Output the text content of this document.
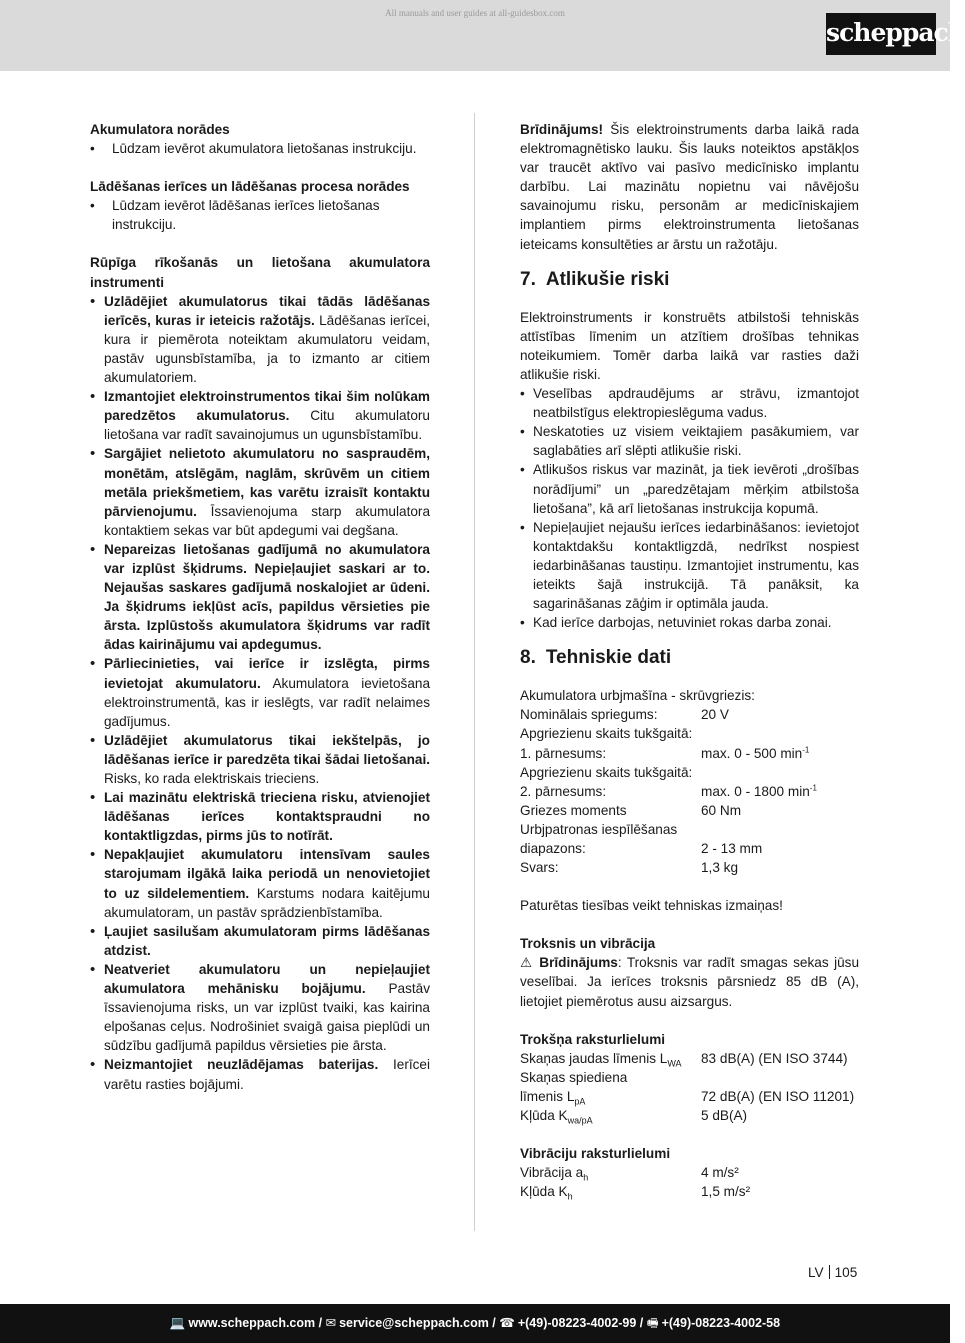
All manuals and user guides at all-guidesbox.com
scheppach
Akumulatora norādes
• Lūdzam ievērot akumulatora lietošanas instrukciju.
Lādēšanas ierīces un lādēšanas procesa norādes
• Lūdzam ievērot lādēšanas ierīces lietošanas instrukciju.
Rūpīga rīkošanās un lietošana akumulatora instrumenti
• Uzlādējiet akumulatorus tikai tādās lādēšanas ierīcēs, kuras ir ieteicis ražotājs. Lādēšanas ierīcei, kura ir piemērota noteiktam akumulatoru veidam, pastāv ugunsbīstamība, ja to izmanto ar citiem akumulatoriem.
• Izmantojiet elektroinstrumentos tikai šim nolūkam paredzētos akumulatorus. Citu akumulatoru lietošana var radīt savainojumus un ugunsbīstamību.
• Sargājiet nelietoto akumulatoru no saspraudēm, monētām, atslēgām, naglām, skrūvēm un citiem metāla priekšmetiem, kas varētu izraisīt kontaktu pārvienojumu. Īssavienojuma starp akumulatora kontaktiem sekas var būt apdegumi vai degšana.
• Nepareizas lietošanas gadījumā no akumulatora var izplūst šķidrums. Nepieļaujiet saskari ar to. Nejaušas saskares gadījumā noskalojiet ar ūdeni. Ja šķidrums iekļūst acīs, papildus vērsieties pie ārsta. Izplūstošs akumulatora šķidrums var radīt ādas kairinājumu vai apdegumus.
• Pārliecinieties, vai ierīce ir izslēgta, pirms ievietojat akumulatoru. Akumulatora ievietošana elektroinstrumentā, kas ir ieslēgts, var radīt nelaimes gadījumus.
• Uzlādējiet akumulatorus tikai iekštelpās, jo lādēšanas ierīce ir paredzēta tikai šādai lietošanai. Risks, ko rada elektriskais trieciens.
• Lai mazinātu elektriskā trieciena risku, atvienojiet lādēšanas ierīces kontaktspraudni no kontaktligzdas, pirms jūs to notīrāt.
• Nepakļaujiet akumulatoru intensīvam saules starojumam ilgākā laika periodā un nenovietojiet to uz sildelementiem. Karstums nodara kaitējumu akumulatoram, un pastāv sprādzienbīstamība.
• Ļaujiet sasilušam akumulatoram pirms lādēšanas atdzist.
• Neatveriet akumulatoru un nepieļaujiet akumulatora mehānisku bojājumu. Pastāv īssavienojuma risks, un var izplūst tvaiki, kas kairina elpošanas ceļus. Nodrošiniet svaigā gaisa pieplūdi un sūdzību gadījumā papildus vērsieties pie ārsta.
• Neizmantojiet neuzlādējamas baterijas. Ierīcei varētu rasties bojājumi.
Brīdinājums! Šis elektroinstruments darba laikā rada elektromagnētisko lauku. Šis lauks noteiktos apstākļos var traucēt aktīvo vai pasīvo medicīnisko implantu darbību. Lai mazinātu nopietnu vai nāvējošu savainojumu risku, personām ar medicīniskajiem implantiem pirms elektroinstrumenta lietošanas ieteicams konsultēties ar ārstu un ražotāju.
7. Atlikušie riski
Elektroinstruments ir konstruēts atbilstoši tehniskās attīstības līmenim un atzītiem drošības tehnikas noteikumiem. Tomēr darba laikā var rasties daži atlikušie riski.
• Veselības apdraudējums ar strāvu, izmantojot neatbilstīgus elektropieslēguma vadus.
• Neskatoties uz visiem veiktajiem pasākumiem, var saglabāties arī slēpti atlikušie riski.
• Atlikušos riskus var mazināt, ja tiek ievēroti „drošības norādījumi” un „paredzētajam mērķim atbilstoša lietošana”, kā arī lietošanas instrukcija kopumā.
• Nepieļaujiet nejaušu ierīces iedarbināšanos: ievietojot kontaktdakšu kontaktligzdā, nedrīkst nospiest iedarbināšanas taustiņu. Izmantojiet instrumentu, kas ieteikts šajā instrukcijā. Tā panāksit, ka sagarināšanas zāģim ir optimāla jauda.
• Kad ierīce darbojas, netuviniet rokas darba zonai.
8. Tehniskie dati
Akumulatora urbjmašīna - skrūvgriezis:
Nominālais spriegums:	20 V
Apgriezienu skaits tukšgaitā:
1. pārnesums:	max. 0 - 500 $\min^{-1}$
Apgriezienu skaits tukšgaitā:
2. pārnesums:	max. 0 - 1800 $\min^{-1}$
Griezes moments	60 Nm
Urbjpatronas iespīlēšanas
diapazons:	2 - 13 mm
Svars:	1,3 kg
Paturētas tiesības veikt tehniskas izmaiņas!
Troksnis un vibrācija
⚠ Brīdinājums: Troksnis var radīt smagas sekas jūsu veselībai. Ja ierīces troksnis pārsniedz 85 dB (A), lietojiet piemērotus ausu aizsargus.
Trokšņa raksturlielumi
Skaņas jaudas līmenis $L_{WA}$	83 dB(A) (EN ISO 3744)
Skaņas spiediena
līmenis $L_{pA}$	72 dB(A) (EN ISO 11201)
Kļūda $K_{wa/pA}$	5 dB(A)
Vibrāciju raksturlielumi
Vibrācija $a_h$	4 m/s²
Kļūda $K_h$	1,5 m/s²
LV 105
💻 www.scheppach.com / ✉ service@scheppach.com / ☎ +(49)-08223-4002-99 / 🖷 +(49)-08223-4002-58
